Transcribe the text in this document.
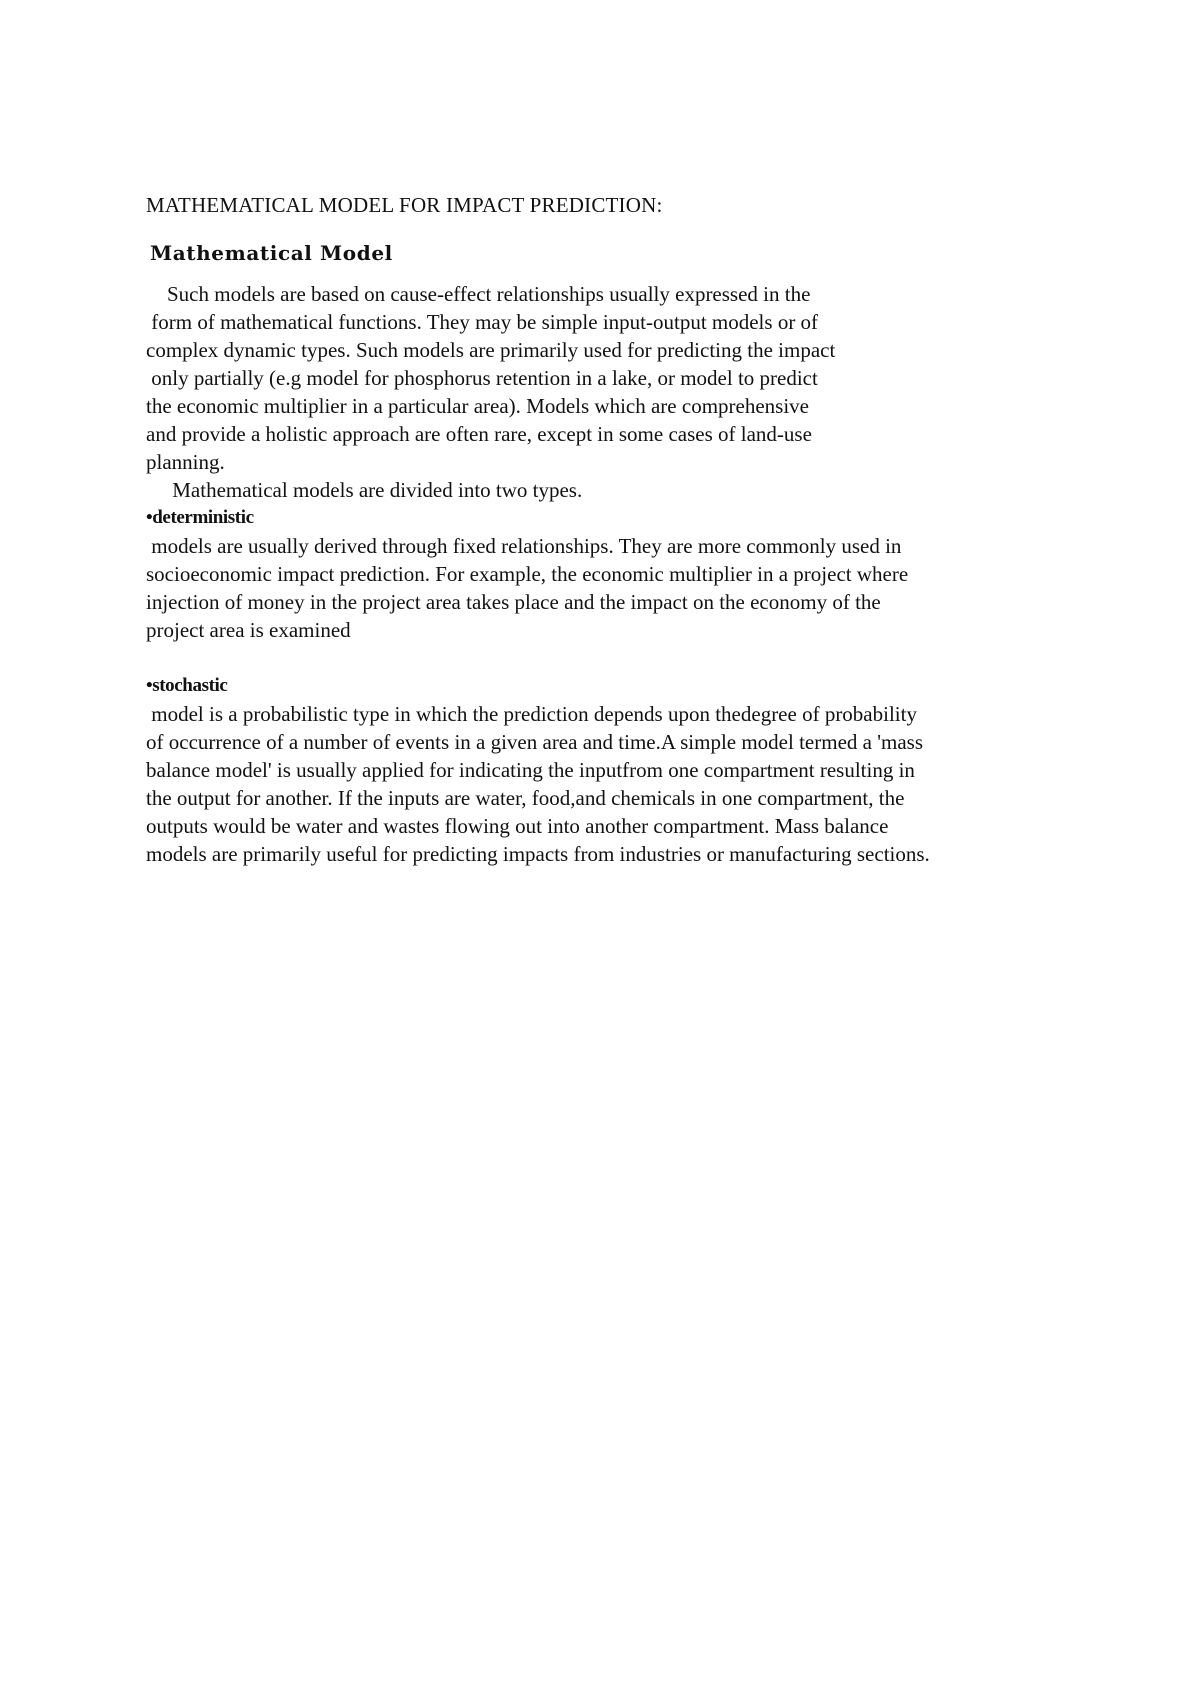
MATHEMATICAL MODEL FOR IMPACT PREDICTION:
Mathematical Model
Such models are based on cause-effect relationships usually expressed in the
form of mathematical functions. They may be simple input-output models or of
complex dynamic types. Such models are primarily used for predicting the impact
only partially (e.g model for phosphorus retention in a lake, or model to predict
the economic multiplier in a particular area). Models which are comprehensive
and provide a holistic approach are often rare, except in some cases of land-use
planning.
Mathematical models are divided into two types.
•deterministic
models are usually derived through fixed relationships. They are more commonly used in
socioeconomic impact prediction. For example, the economic multiplier in a project where
injection of money in the project area takes place and the impact on the economy of the
project area is examined
•stochastic
model is a probabilistic type in which the prediction depends upon thedegree of probability
of occurrence of a number of events in a given area and time.A simple model termed a 'mass
balance model' is usually applied for indicating the inputfrom one compartment resulting in
the output for another. If the inputs are water, food,and chemicals in one compartment, the
outputs would be water and wastes flowing out into another compartment. Mass balance
models are primarily useful for predicting impacts from industries or manufacturing sections.
